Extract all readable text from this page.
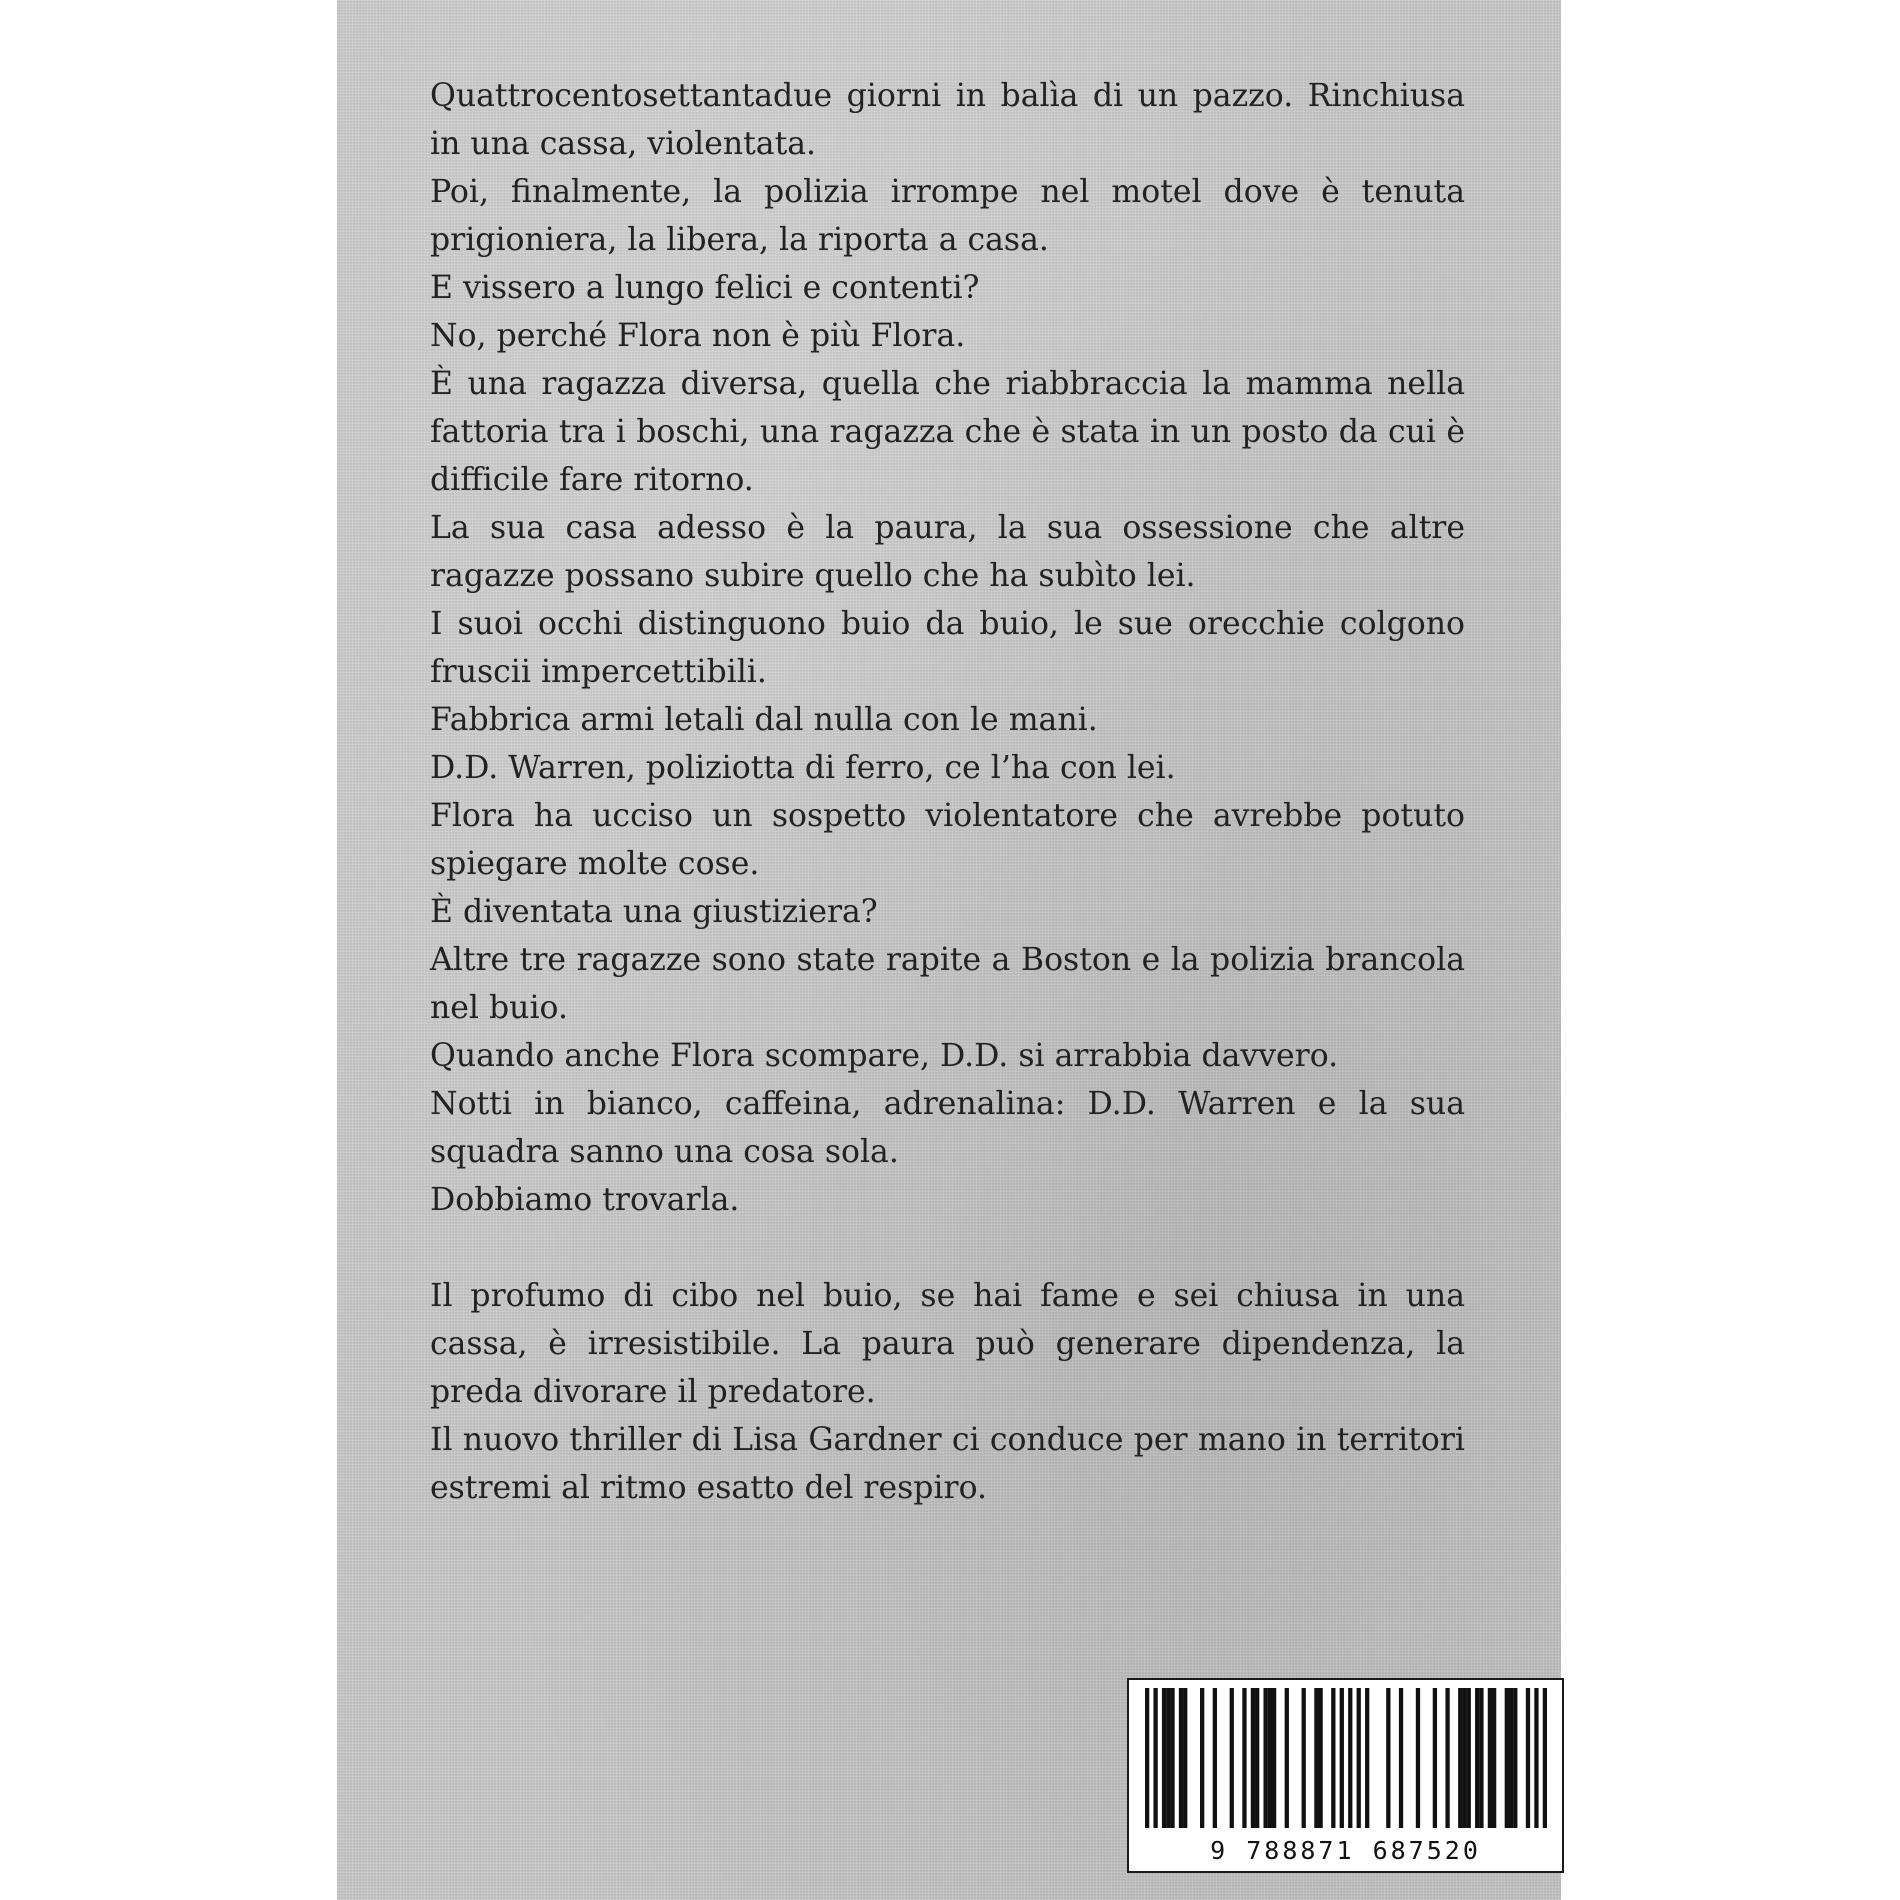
Quattrocentosettantadue giorni in balìa di un pazzo. Rinchiusa in una cassa, violentata.

Poi, finalmente, la polizia irrompe nel motel dove è tenuta prigioniera, la libera, la riporta a casa.

E vissero a lungo felici e contenti?

No, perché Flora non è più Flora.

È una ragazza diversa, quella che riabbraccia la mamma nella fattoria tra i boschi, una ragazza che è stata in un posto da cui è difficile fare ritorno.

La sua casa adesso è la paura, la sua ossessione che altre ragazze possano subire quello che ha subìto lei.

I suoi occhi distinguono buio da buio, le sue orecchie colgono fruscii impercettibili.

Fabbrica armi letali dal nulla con le mani.

D.D. Warren, poliziotta di ferro, ce l’ha con lei.

Flora ha ucciso un sospetto violentatore che avrebbe potuto spiegare molte cose.

È diventata una giustiziera?

Altre tre ragazze sono state rapite a Boston e la polizia brancola nel buio.

Quando anche Flora scompare, D.D. si arrabbia davvero.

Notti in bianco, caffeina, adrenalina: D.D. Warren e la sua squadra sanno una cosa sola.

Dobbiamo trovarla.

Il profumo di cibo nel buio, se hai fame e sei chiusa in una cassa, è irresistibile. La paura può generare dipendenza, la preda divorare il predatore.

Il nuovo thriller di Lisa Gardner ci conduce per mano in territori estremi al ritmo esatto del respiro.

9 788871 687520
